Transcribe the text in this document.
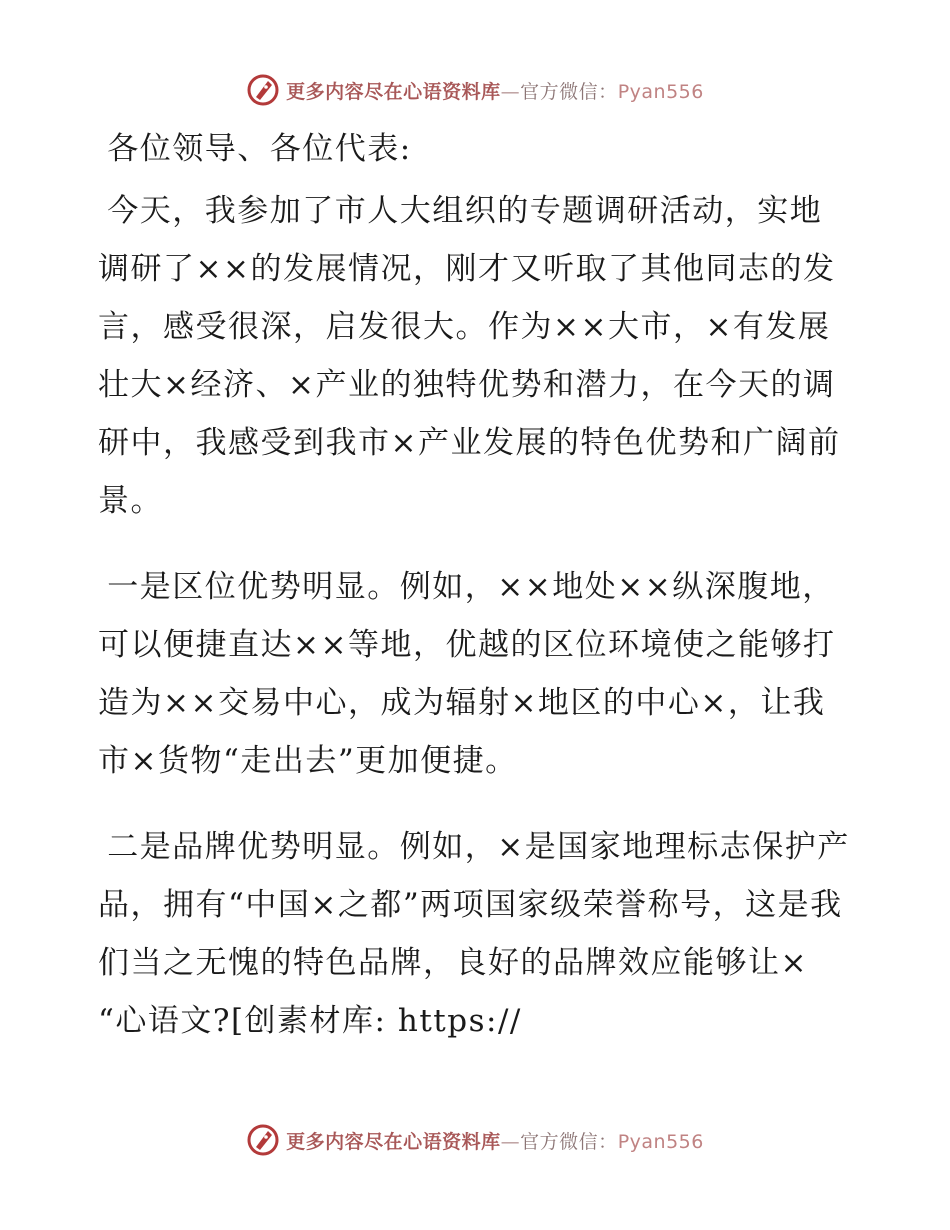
更多内容尽在心语资料库—官方微信：Pyan556

各位领导、各位代表:

今天，我参加了市人大组织的专题调研活动，实地调研了××的发展情况，刚才又听取了其他同志的发言，感受很深，启发很大。作为××大市，×有发展壮大×经济、×产业的独特优势和潜力，在今天的调研中，我感受到我市×产业发展的特色优势和广阔前景。

一是区位优势明显。例如，××地处××纵深腹地，可以便捷直达××等地，优越的区位环境使之能够打造为××交易中心，成为辐射×地区的中心×，让我市×货物“走出去”更加便捷。

二是品牌优势明显。例如，×是国家地理标志保护产品，拥有“中国×之都”两项国家级荣誉称号，这是我们当之无愧的特色品牌，良好的品牌效应能够让× “心语文?[创素材库: https://

更多内容尽在心语资料库—官方微信：Pyan556
